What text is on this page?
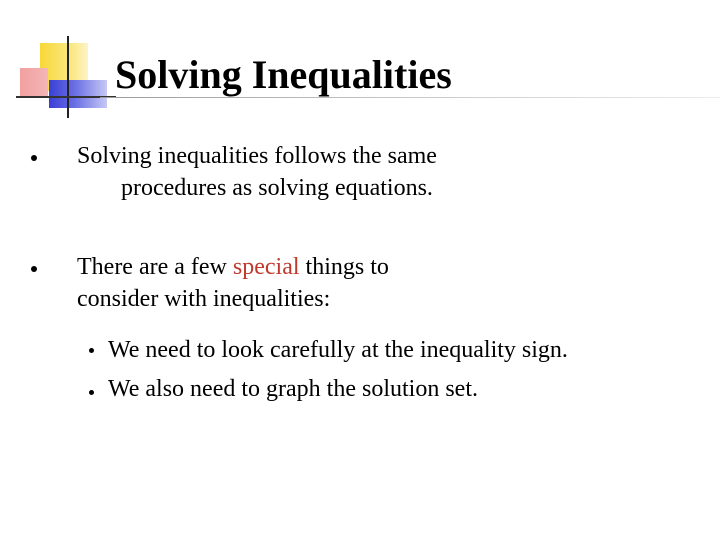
Solving Inequalities
Solving inequalities follows the same
procedures as solving equations.
There are a few special things to
consider with inequalities:
We need to look carefully at the inequality sign.
We also need to graph the solution set.
